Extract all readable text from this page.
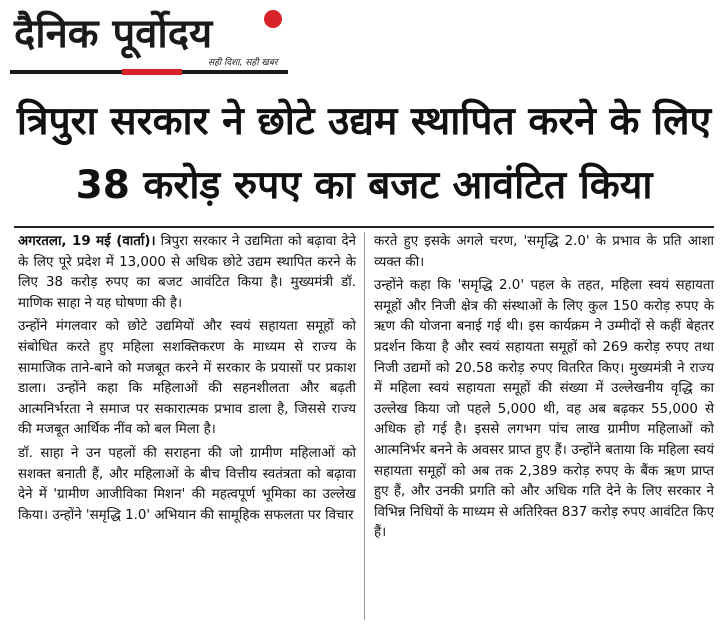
दैनिक पूर्वोदय
सही दिशा, सही खबर
त्रिपुरा सरकार ने छोटे उद्यम स्थापित करने के लिए 38 करोड़ रुपए का बजट आवंटित किया

अगरतला, 19 मई (वार्ता)। त्रिपुरा सरकार ने उद्यमिता को बढ़ावा देने के लिए पूरे प्रदेश में 13,000 से अधिक छोटे उद्यम स्थापित करने के लिए 38 करोड़ रुपए का बजट आवंटित किया है। मुख्यमंत्री डॉ. माणिक साहा ने यह घोषणा की है।

उन्होंने मंगलवार को छोटे उद्यमियों और स्वयं सहायता समूहों को संबोधित करते हुए महिला सशक्तिकरण के माध्यम से राज्य के सामाजिक ताने-बाने को मजबूत करने में सरकार के प्रयासों पर प्रकाश डाला। उन्होंने कहा कि महिलाओं की सहनशीलता और बढ़ती आत्मनिर्भरता ने समाज पर सकारात्मक प्रभाव डाला है, जिससे राज्य की मजबूत आर्थिक नींव को बल मिला है।

डॉ. साहा ने उन पहलों की सराहना की जो ग्रामीण महिलाओं को सशक्त बनाती हैं, और महिलाओं के बीच वित्तीय स्वतंत्रता को बढ़ावा देने में 'ग्रामीण आजीविका मिशन' की महत्वपूर्ण भूमिका का उल्लेख किया। उन्होंने 'समृद्धि 1.0' अभियान की सामूहिक सफलता पर विचार

करते हुए इसके अगले चरण, 'समृद्धि 2.0' के प्रभाव के प्रति आशा व्यक्त की।

उन्होंने कहा कि 'समृद्धि 2.0' पहल के तहत, महिला स्वयं सहायता समूहों और निजी क्षेत्र की संस्थाओं के लिए कुल 150 करोड़ रुपए के ऋण की योजना बनाई गई थी। इस कार्यक्रम ने उम्मीदों से कहीं बेहतर प्रदर्शन किया है और स्वयं सहायता समूहों को 269 करोड़ रुपए तथा निजी उद्यमों को 20.58 करोड़ रुपए वितरित किए। मुख्यमंत्री ने राज्य में महिला स्वयं सहायता समूहों की संख्या में उल्लेखनीय वृद्धि का उल्लेख किया जो पहले 5,000 थी, वह अब बढ़कर 55,000 से अधिक हो गई है। इससे लगभग पांच लाख ग्रामीण महिलाओं को आत्मनिर्भर बनने के अवसर प्राप्त हुए हैं। उन्होंने बताया कि महिला स्वयं सहायता समूहों को अब तक 2,389 करोड़ रुपए के बैंक ऋण प्राप्त हुए हैं, और उनकी प्रगति को और अधिक गति देने के लिए सरकार ने विभिन्न निधियों के माध्यम से अतिरिक्त 837 करोड़ रुपए आवंटित किए हैं।
